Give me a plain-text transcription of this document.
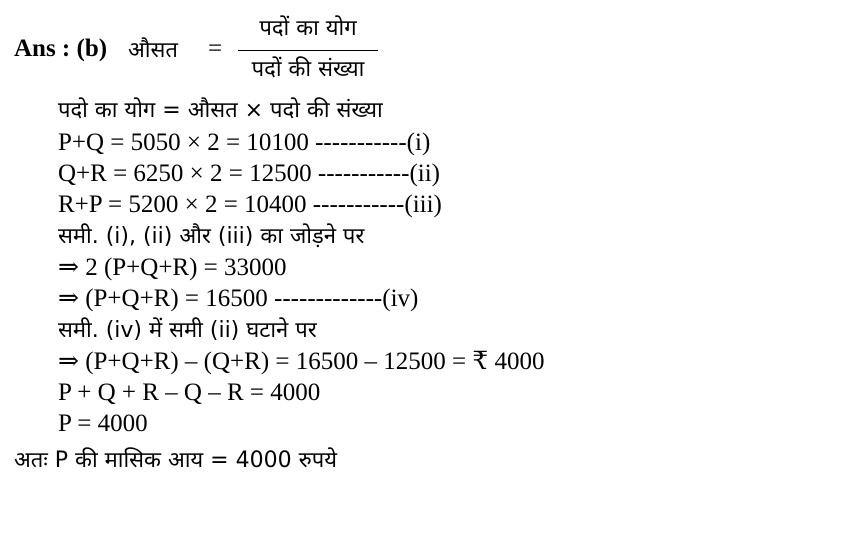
Ans : (b) औसत =
पदों का योग
पदों की संख्या
पदो का योग = औसत × पदो की संख्या
P+Q = 5050 × 2 = 10100 -----------(i)
Q+R = 6250 × 2 = 12500 -----------(ii)
R+P = 5200 × 2 = 10400 -----------(iii)
समी. (i), (ii) और (iii) का जोड़ने पर
⇒ 2 (P+Q+R) = 33000
⇒ (P+Q+R) = 16500 -------------(iv)
समी. (iv) में समी (ii) घटाने पर
⇒ (P+Q+R) – (Q+R) = 16500 – 12500 = ₹ 4000
P + Q + R – Q – R = 4000
P = 4000
अतः P की मासिक आय = 4000 रुपये
